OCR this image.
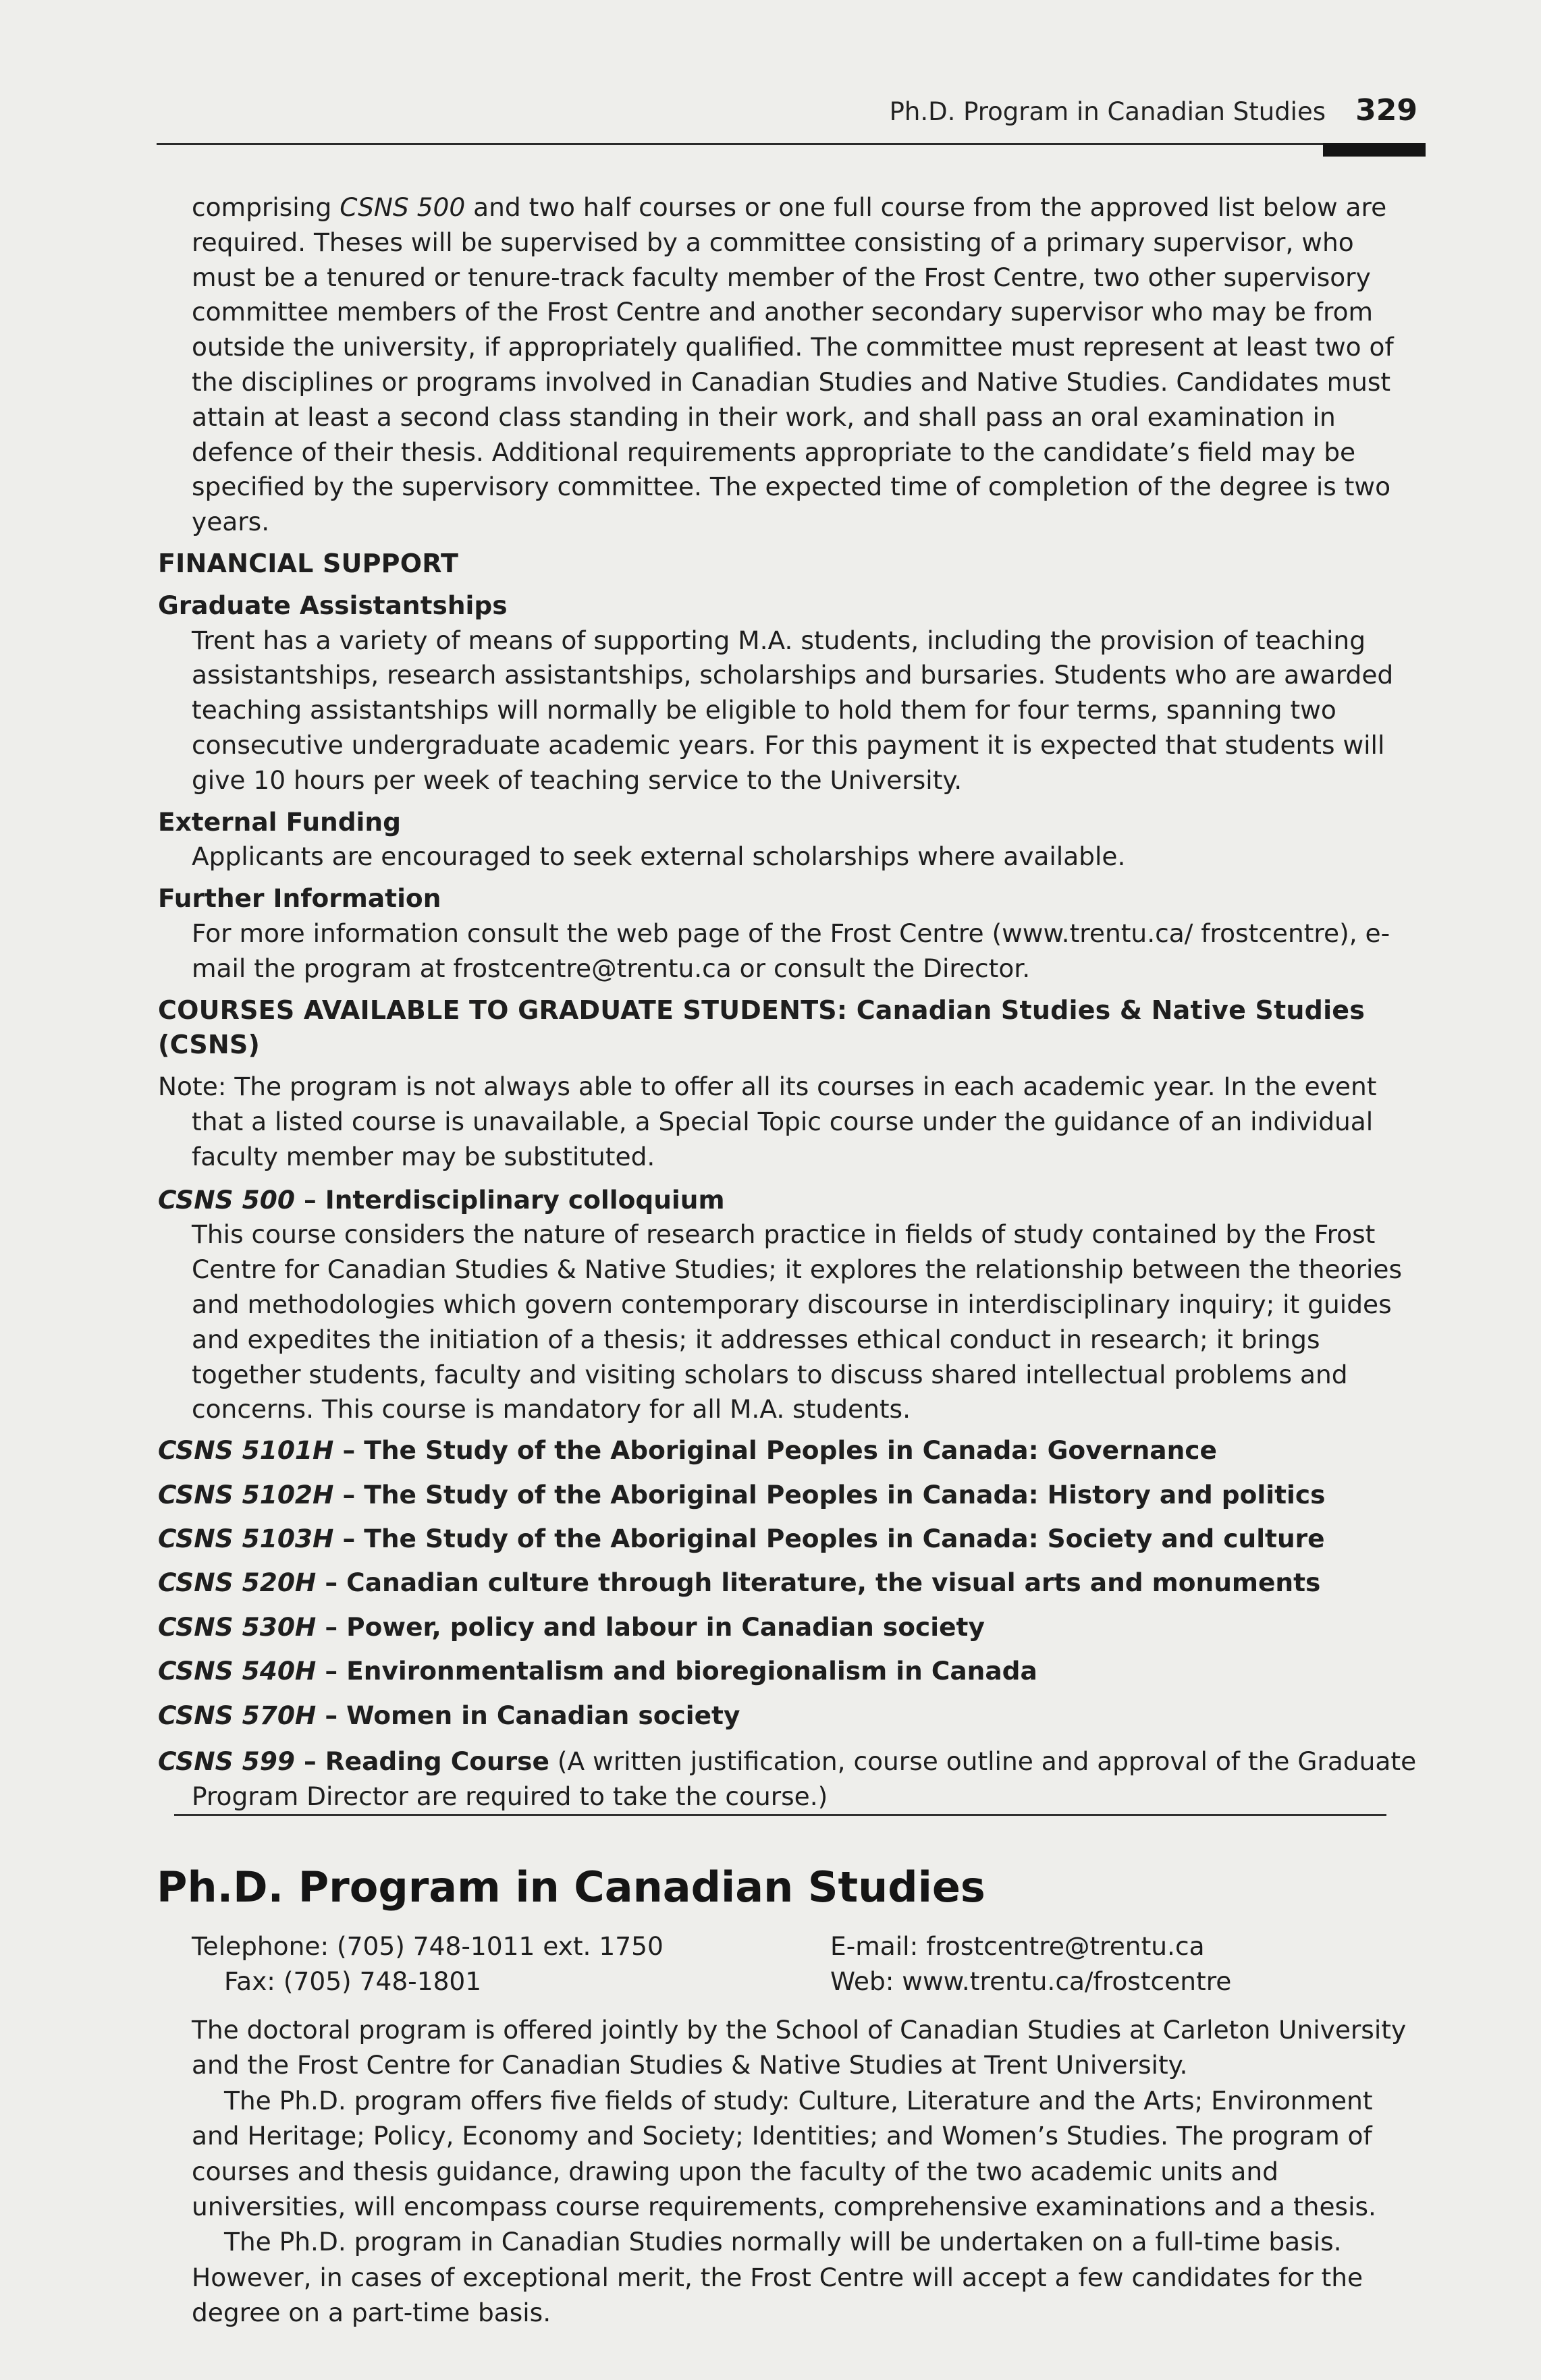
Ph.D. Program in Canadian Studies 329

comprising CSNS 500 and two half courses or one full course from the approved list below are required. Theses will be supervised by a committee consisting of a primary supervisor, who must be a tenured or tenure-track faculty member of the Frost Centre, two other supervisory committee members of the Frost Centre and another secondary supervisor who may be from outside the university, if appropriately qualified. The committee must represent at least two of the disciplines or programs involved in Canadian Studies and Native Studies. Candidates must attain at least a second class standing in their work, and shall pass an oral examination in defence of their thesis. Additional requirements appropriate to the candidate’s field may be specified by the supervisory committee. The expected time of completion of the degree is two years.

FINANCIAL SUPPORT

Graduate Assistantships

Trent has a variety of means of supporting M.A. students, including the provision of teaching assistantships, research assistantships, scholarships and bursaries. Students who are awarded teaching assistantships will normally be eligible to hold them for four terms, spanning two consecutive undergraduate academic years. For this payment it is expected that students will give 10 hours per week of teaching service to the University.

External Funding

Applicants are encouraged to seek external scholarships where available.

Further Information

For more information consult the web page of the Frost Centre (www.trentu.ca/ frostcentre), e-mail the program at frostcentre@trentu.ca or consult the Director.

COURSES AVAILABLE TO GRADUATE STUDENTS: Canadian Studies & Native Studies (CSNS)

Note: The program is not always able to offer all its courses in each academic year. In the event that a listed course is unavailable, a Special Topic course under the guidance of an individual faculty member may be substituted.

CSNS 500 – Interdisciplinary colloquium

This course considers the nature of research practice in fields of study contained by the Frost Centre for Canadian Studies & Native Studies; it explores the relationship between the theories and methodologies which govern contemporary discourse in interdisciplinary inquiry; it guides and expedites the initiation of a thesis; it addresses ethical conduct in research; it brings together students, faculty and visiting scholars to discuss shared intellectual problems and concerns. This course is mandatory for all M.A. students.

CSNS 5101H – The Study of the Aboriginal Peoples in Canada: Governance

CSNS 5102H – The Study of the Aboriginal Peoples in Canada: History and politics

CSNS 5103H – The Study of the Aboriginal Peoples in Canada: Society and culture

CSNS 520H – Canadian culture through literature, the visual arts and monuments

CSNS 530H – Power, policy and labour in Canadian society

CSNS 540H – Environmentalism and bioregionalism in Canada

CSNS 570H – Women in Canadian society

CSNS 599 – Reading Course (A written justification, course outline and approval of the Graduate Program Director are required to take the course.)

Ph.D. Program in Canadian Studies
Telephone: (705) 748-1011 ext. 1750
Fax: (705) 748-1801
E-mail: frostcentre@trentu.ca
Web: www.trentu.ca/frostcentre

The doctoral program is offered jointly by the School of Canadian Studies at Carleton University and the Frost Centre for Canadian Studies & Native Studies at Trent University.

The Ph.D. program offers five fields of study: Culture, Literature and the Arts; Environment and Heritage; Policy, Economy and Society; Identities; and Women’s Studies. The program of courses and thesis guidance, drawing upon the faculty of the two academic units and universities, will encompass course requirements, comprehensive examinations and a thesis.

The Ph.D. program in Canadian Studies normally will be undertaken on a full-time basis. However, in cases of exceptional merit, the Frost Centre will accept a few candidates for the degree on a part-time basis.
